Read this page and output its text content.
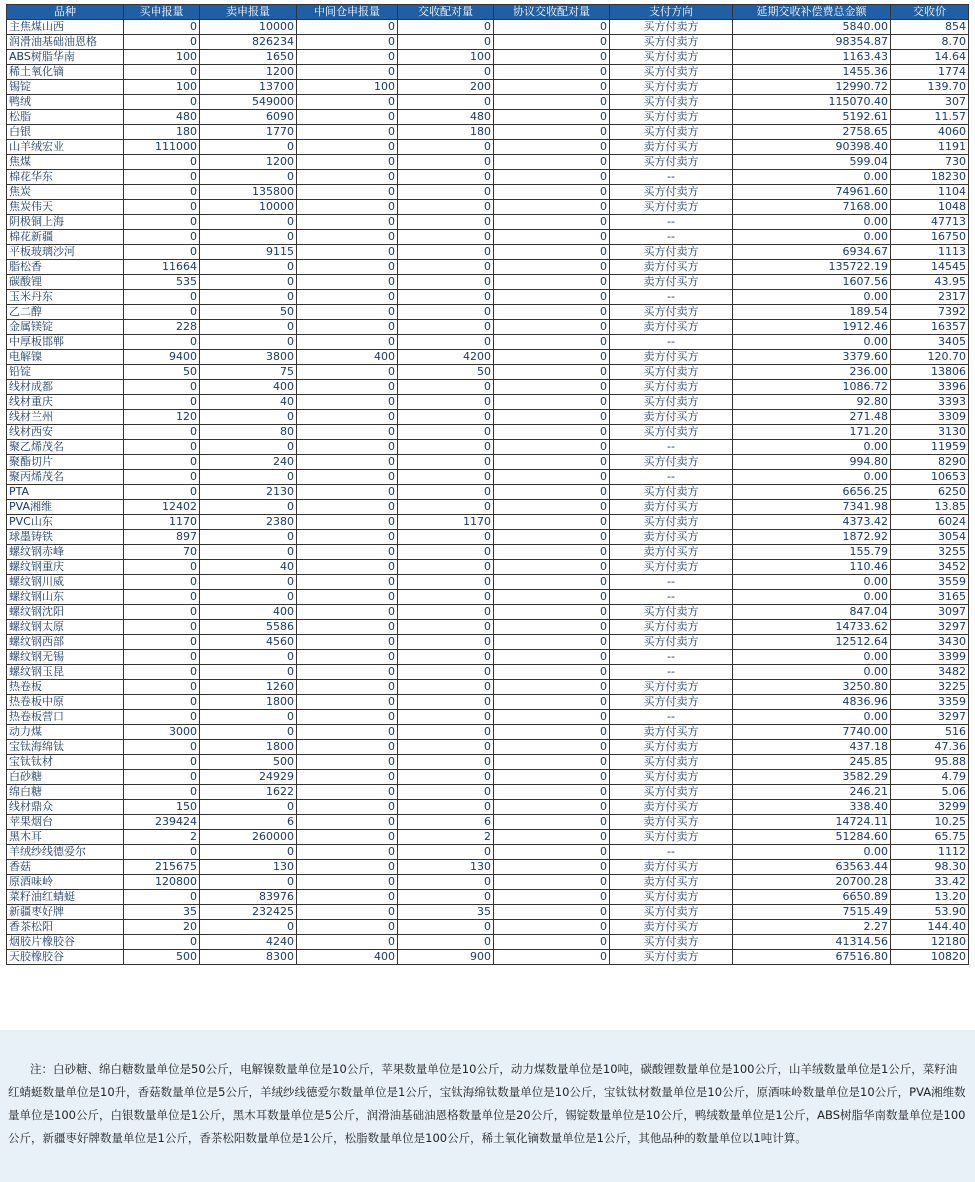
品种	买申报量	卖申报量	中间仓申报量	交收配对量	协议交收配对量	支付方向	延期交收补偿费总金额	交收价
主焦煤山西	0	10000	0	0	0	买方付卖方	5840.00	854
润滑油基础油恩格	0	826234	0	0	0	买方付卖方	98354.87	8.70
ABS树脂华南	100	1650	0	100	0	买方付卖方	1163.43	14.64
稀土氧化镝	0	1200	0	0	0	买方付卖方	1455.36	1774
锡锭	100	13700	100	200	0	买方付卖方	12990.72	139.70
鸭绒	0	549000	0	0	0	买方付卖方	115070.40	307
松脂	480	6090	0	480	0	买方付卖方	5192.61	11.57
白银	180	1770	0	180	0	买方付卖方	2758.65	4060
山羊绒宏业	111000	0	0	0	0	卖方付买方	90398.40	1191
焦煤	0	1200	0	0	0	买方付卖方	599.04	730
棉花华东	0	0	0	0	0	--	0.00	18230
焦炭	0	135800	0	0	0	买方付卖方	74961.60	1104
焦炭伟天	0	10000	0	0	0	买方付卖方	7168.00	1048
阴极铜上海	0	0	0	0	0	--	0.00	47713
棉花新疆	0	0	0	0	0	--	0.00	16750
平板玻璃沙河	0	9115	0	0	0	买方付卖方	6934.67	1113
脂松香	11664	0	0	0	0	卖方付买方	135722.19	14545
碳酸锂	535	0	0	0	0	卖方付买方	1607.56	43.95
玉米丹东	0	0	0	0	0	--	0.00	2317
乙二醇	0	50	0	0	0	买方付卖方	189.54	7392
金属镁锭	228	0	0	0	0	卖方付买方	1912.46	16357
中厚板邯郸	0	0	0	0	0	--	0.00	3405
电解镍	9400	3800	400	4200	0	卖方付买方	3379.60	120.70
铅锭	50	75	0	50	0	买方付卖方	236.00	13806
线材成都	0	400	0	0	0	买方付卖方	1086.72	3396
线材重庆	0	40	0	0	0	买方付卖方	92.80	3393
线材兰州	120	0	0	0	0	卖方付买方	271.48	3309
线材西安	0	80	0	0	0	买方付卖方	171.20	3130
聚乙烯茂名	0	0	0	0	0	--	0.00	11959
聚酯切片	0	240	0	0	0	买方付卖方	994.80	8290
聚丙烯茂名	0	0	0	0	0	--	0.00	10653
PTA	0	2130	0	0	0	买方付卖方	6656.25	6250
PVA湘维	12402	0	0	0	0	卖方付买方	7341.98	13.85
PVC山东	1170	2380	0	1170	0	买方付卖方	4373.42	6024
球墨铸铁	897	0	0	0	0	卖方付买方	1872.92	3054
螺纹钢赤峰	70	0	0	0	0	卖方付买方	155.79	3255
螺纹钢重庆	0	40	0	0	0	买方付卖方	110.46	3452
螺纹钢川威	0	0	0	0	0	--	0.00	3559
螺纹钢山东	0	0	0	0	0	--	0.00	3165
螺纹钢沈阳	0	400	0	0	0	买方付卖方	847.04	3097
螺纹钢太原	0	5586	0	0	0	买方付卖方	14733.62	3297
螺纹钢西部	0	4560	0	0	0	买方付卖方	12512.64	3430
螺纹钢无锡	0	0	0	0	0	--	0.00	3399
螺纹钢玉昆	0	0	0	0	0	--	0.00	3482
热卷板	0	1260	0	0	0	买方付卖方	3250.80	3225
热卷板中原	0	1800	0	0	0	买方付卖方	4836.96	3359
热卷板营口	0	0	0	0	0	--	0.00	3297
动力煤	3000	0	0	0	0	卖方付买方	7740.00	516
宝钛海绵钛	0	1800	0	0	0	买方付卖方	437.18	47.36
宝钛钛材	0	500	0	0	0	买方付卖方	245.85	95.88
白砂糖	0	24929	0	0	0	买方付卖方	3582.29	4.79
绵白糖	0	1622	0	0	0	买方付卖方	246.21	5.06
线材鼎众	150	0	0	0	0	卖方付买方	338.40	3299
苹果烟台	239424	6	0	6	0	卖方付买方	14724.11	10.25
黑木耳	2	260000	0	2	0	买方付卖方	51284.60	65.75
羊绒纱线德爱尔	0	0	0	0	0	--	0.00	1112
香菇	215675	130	0	130	0	卖方付买方	63563.44	98.30
原酒味岭	120800	0	0	0	0	卖方付买方	20700.28	33.42
菜籽油红蜻蜓	0	83976	0	0	0	买方付卖方	6650.89	13.20
新疆枣好牌	35	232425	0	35	0	买方付卖方	7515.49	53.90
香茶松阳	20	0	0	0	0	卖方付买方	2.27	144.40
烟胶片橡胶谷	0	4240	0	0	0	买方付卖方	41314.56	12180
天胶橡胶谷	500	8300	400	900	0	买方付卖方	67516.80	10820
注：白砂糖、绵白糖数量单位是50公斤，电解镍数量单位是10公斤，苹果数量单位是10公斤，动力煤数量单位是10吨，碳酸锂数量单位是100公斤，山羊绒数量单位是1公斤，菜籽油红蜻蜓数量单位是10升，香菇数量单位是5公斤，羊绒纱线德爱尔数量单位是1公斤，宝钛海绵钛数量单位是10公斤，宝钛钛材数量单位是10公斤，原酒味岭数量单位是10公斤，PVA湘维数量单位是100公斤，白银数量单位是1公斤，黑木耳数量单位是5公斤，润滑油基础油恩格数量单位是20公斤，锡锭数量单位是10公斤，鸭绒数量单位是1公斤，ABS树脂华南数量单位是100公斤，新疆枣好牌数量单位是1公斤，香茶松阳数量单位是1公斤，松脂数量单位是100公斤，稀土氧化镝数量单位是1公斤，其他品种的数量单位以1吨计算。
